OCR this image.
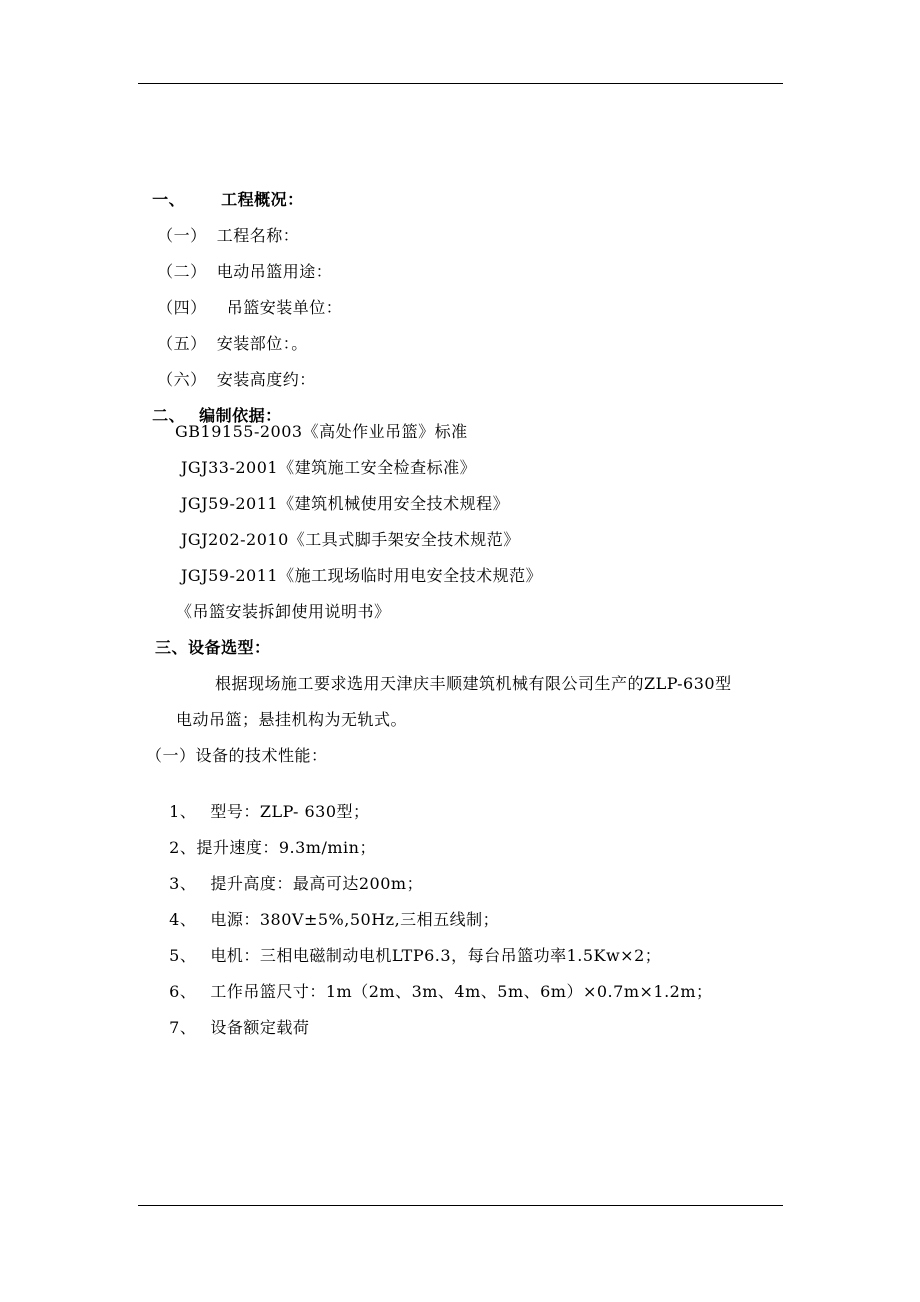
一、 工程概况：

（一） 工程名称：

（二） 电动吊篮用途：

（四） 吊篮安装单位：

（五） 安装部位：。

（六） 安装高度约：

二、 编制依据：

GB19155-2003《高处作业吊篮》标准
JGJ33-2001《建筑施工安全检查标准》
JGJ59-2011《建筑机械使用安全技术规程》
JGJ202-2010《工具式脚手架安全技术规范》
JGJ59-2011《施工现场临时用电安全技术规范》
《吊篮安装拆卸使用说明书》
三、设备选型：
根据现场施工要求选用天津庆丰顺建筑机械有限公司生产的ZLP-630型
电动吊篮；悬挂机构为无轨式。
（一）设备的技术性能：

1、 型号：ZLP- 630型；

2、提升速度：9.3m/min；

3、 提升高度：最高可达200m；

4、 电源：380V±5%,50Hz,三相五线制；

5、 电机：三相电磁制动电机LTP6.3，每台吊篮功率1.5Kw×2；

6、 工作吊篮尺寸：1m（2m、3m、4m、5m、6m）×0.7m×1.2m；

7、 设备额定载荷
